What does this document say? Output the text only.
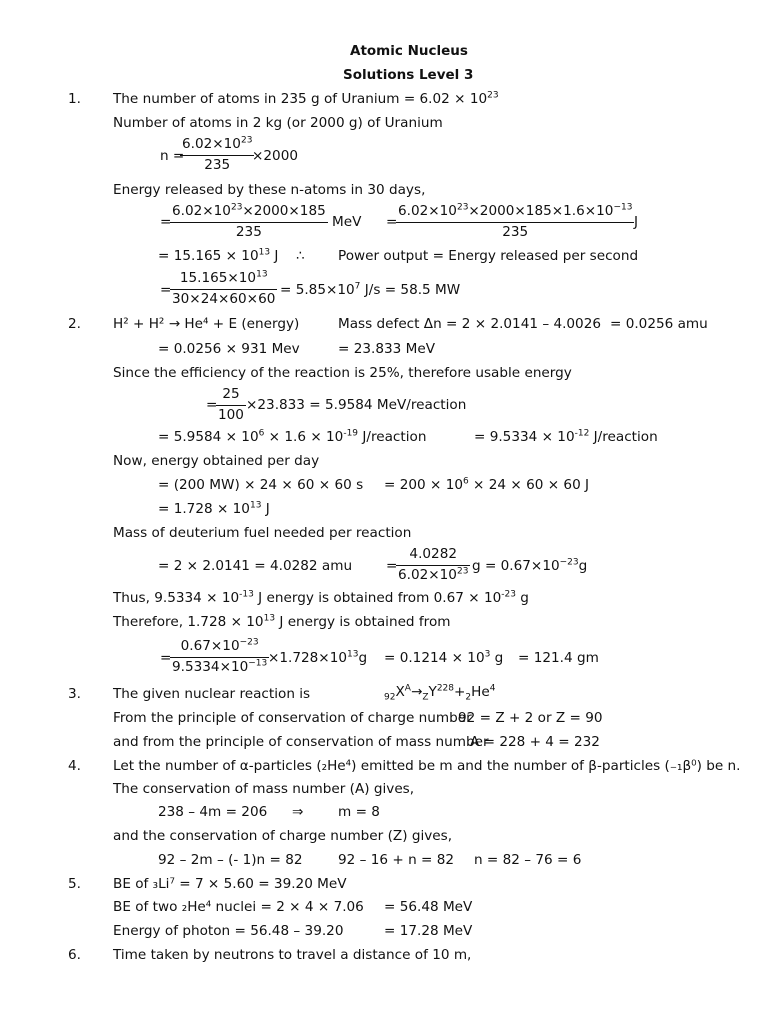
Atomic Nucleus
Solutions Level 3
1. The number of atoms in 235 g of Uranium = $6.02 \times 10^{23}$
Number of atoms in 2 kg (or 2000 g) of Uranium
n =
$\frac{6.02\times 10^{23}}{235}$
×2000
Energy released by these n-atoms in 30 days,
=
$\frac{6.02\times 10^{23}\times 2000\times 185}{235}$ MeV =
$\frac{6.02\times 10^{23}\times 2000\times 185\times 1.6\times 10^{-13}}{235}$ J
= $15.165 \times 10^{13}$ J ∴ Power output = Energy released per second
=
$\frac{15.165\times 10^{13}}{30\times 24\times 60\times 60} = 5.85\times 10^7$ J/s = 58.5 MW
2. H² + H² → He⁴ + E (energy)	Mass defect Δn = 2 × 2.0141 – 4.0026 = 0.0256 amu
= 0.0256 × 931 Mev	= 23.833 MeV
Since the efficiency of the reaction is 25%, therefore usable energy
=
$\frac{25}{100} \times 23.833 = 5.9584$ MeV/reaction
= $5.9584 \times 10^6 \times 1.6 \times 10^{-19}$ J/reaction	= $9.5334 \times 10^{-12}$ J/reaction
Now, energy obtained per day
= (200 MW) × 24 × 60 × 60 $s = 200 \times 10^6 \times 24 \times 60 \times 60$ J
= $1.728 \times 10^{13}$ J
Mass of deuterium fuel needed per reaction
= 2 × 2.0141 = 4.0282 amu =
$\frac{4.0282}{6.02\times 10^{23}}$ $g = 0.67\times 10^{-23}g$
Thus, $9.5334 \times 10^{-13}$ J energy is obtained from $0.67 \times 10^{-23}$ g
Therefore, $1.728 \times 10^{13}$ J energy is obtained from
=
$\frac{0.67\times 10^{-23}}{9.5334\times 10^{-13}}$
$\times 1.728\times 10^{13}g = 0.1214 \times 10^3$ g = 121.4 gm
3. The given nuclear reaction is	$_{92}X^A\to_ZY^{228}+_2He^4$
From the principle of conservation of charge number
92 = Z + 2 or Z = 90
and from the principle of conservation of mass number
A = 228 + 4 = 232
4. Let the number of α-particles (₂He⁴) emitted be m and the number of β-particles (₋₁β⁰) be n.
The conservation of mass number (A) gives,
238 – 4m = 206 ⇒	m = 8
and the conservation of charge number (Z) gives,
92 – 2m – (- 1)n = 82	92 – 16 + n = 82 n = 82 – 76 = 6
5. BE of ₃Li⁷ = 7 × 5.60 = 39.20 MeV
BE of two ₂He⁴ nuclei = 2 × 4 × 7.06 = 56.48 MeV
Energy of photon = 56.48 – 39.20	= 17.28 MeV
6. Time taken by neutrons to travel a distance of 10 m,
